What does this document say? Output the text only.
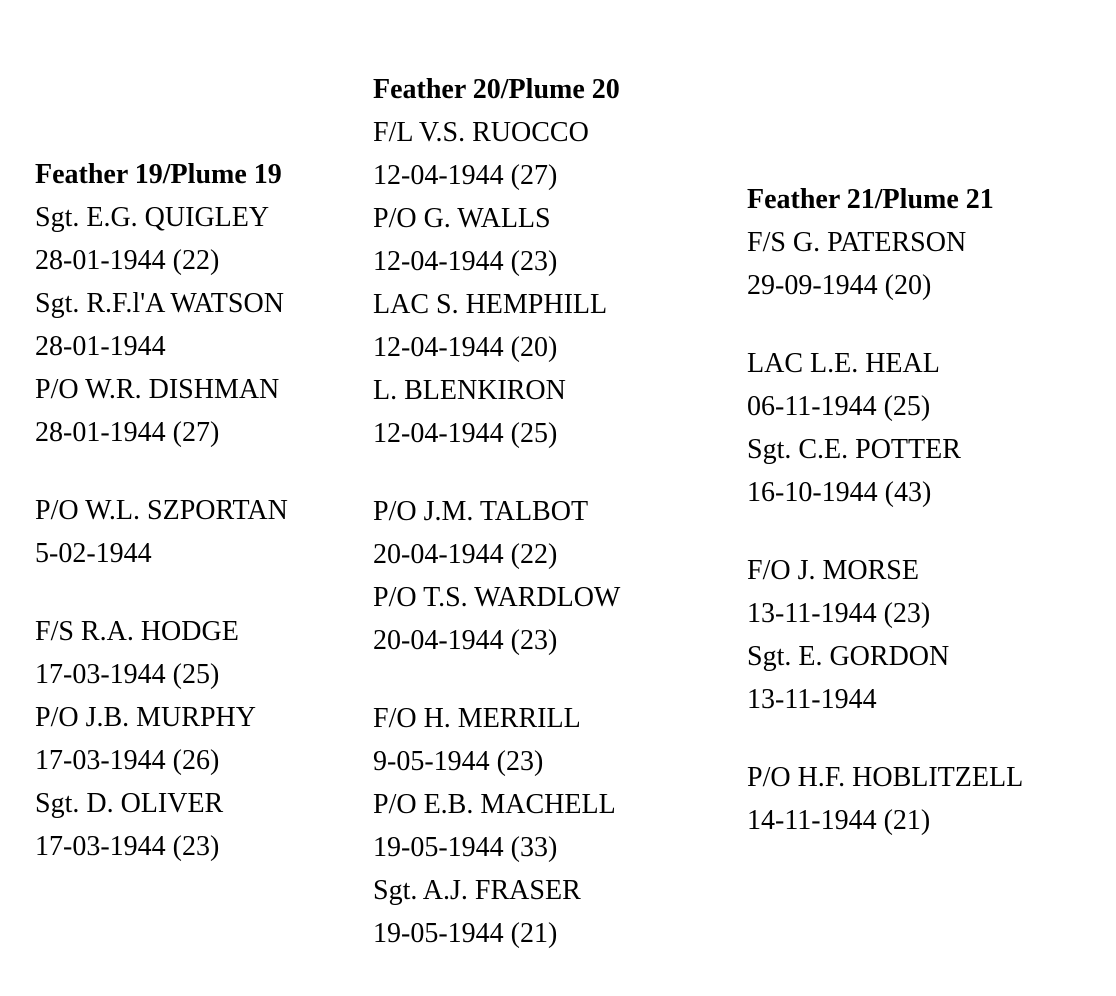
Feather 19/Plume 19
Sgt. E.G. QUIGLEY
28-01-1944 (22)
Sgt. R.F.l'A WATSON
28-01-1944
P/O W.R. DISHMAN
28-01-1944 (27)
P/O W.L. SZPORTAN
5-02-1944
F/S R.A. HODGE
17-03-1944 (25)
P/O J.B. MURPHY
17-03-1944 (26)
Sgt. D. OLIVER
17-03-1944 (23)
Feather 20/Plume 20
F/L V.S. RUOCCO
12-04-1944 (27)
P/O G. WALLS
12-04-1944 (23)
LAC S. HEMPHILL
12-04-1944 (20)
L. BLENKIRON
12-04-1944 (25)
P/O J.M. TALBOT
20-04-1944 (22)
P/O T.S. WARDLOW
20-04-1944 (23)
F/O H. MERRILL
9-05-1944 (23)
P/O E.B. MACHELL
19-05-1944 (33)
Sgt. A.J. FRASER
19-05-1944 (21)
Feather 21/Plume 21
F/S G. PATERSON
29-09-1944 (20)
LAC L.E. HEAL
06-11-1944 (25)
Sgt. C.E. POTTER
16-10-1944 (43)
F/O J. MORSE
13-11-1944 (23)
Sgt. E. GORDON
13-11-1944
P/O H.F. HOBLITZELL
14-11-1944 (21)
